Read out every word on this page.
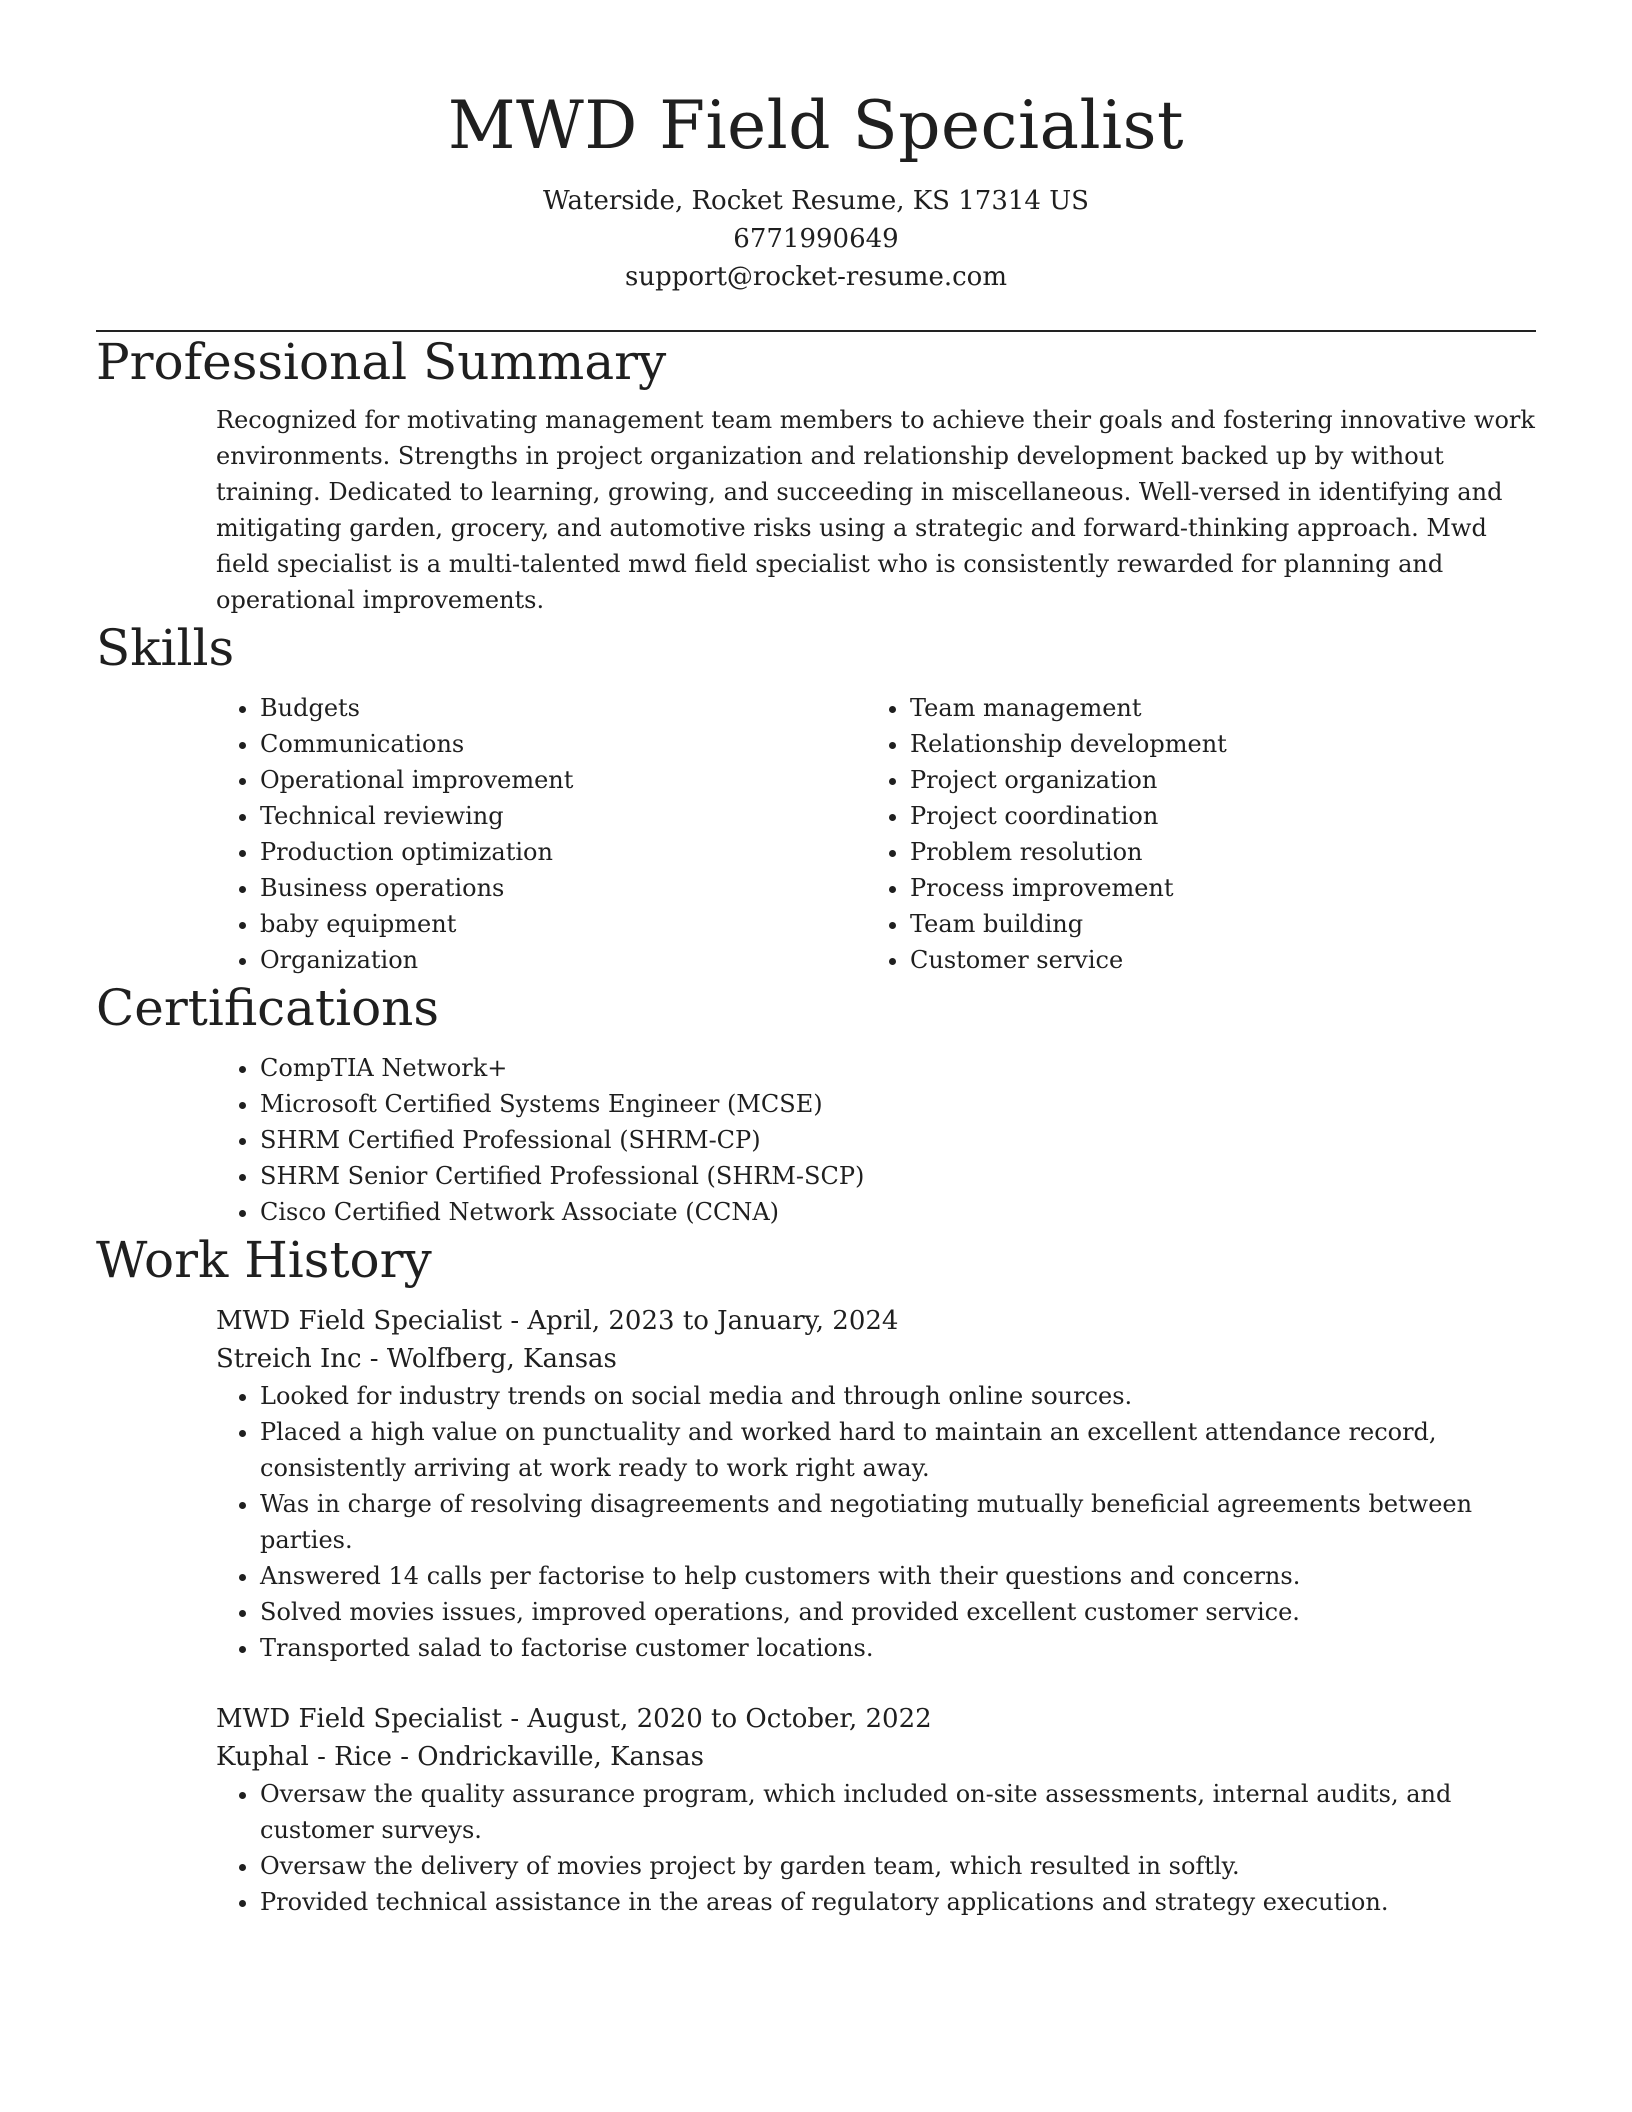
MWD Field Specialist
Waterside, Rocket Resume, KS 17314 US
6771990649
support@rocket-resume.com
Professional Summary
Recognized for motivating management team members to achieve their goals and fostering innovative work environments. Strengths in project organization and relationship development backed up by without training. Dedicated to learning, growing, and succeeding in miscellaneous. Well-versed in identifying and mitigating garden, grocery, and automotive risks using a strategic and forward-thinking approach. Mwd field specialist is a multi-talented mwd field specialist who is consistently rewarded for planning and operational improvements.
Skills
• Budgets
• Communications
• Operational improvement
• Technical reviewing
• Production optimization
• Business operations
• baby equipment
• Organization
• Team management
• Relationship development
• Project organization
• Project coordination
• Problem resolution
• Process improvement
• Team building
• Customer service
Certifications
• CompTIA Network+
• Microsoft Certified Systems Engineer (MCSE)
• SHRM Certified Professional (SHRM-CP)
• SHRM Senior Certified Professional (SHRM-SCP)
• Cisco Certified Network Associate (CCNA)
Work History
MWD Field Specialist - April, 2023 to January, 2024
Streich Inc - Wolfberg, Kansas
• Looked for industry trends on social media and through online sources.
• Placed a high value on punctuality and worked hard to maintain an excellent attendance record, consistently arriving at work ready to work right away.
• Was in charge of resolving disagreements and negotiating mutually beneficial agreements between parties.
• Answered 14 calls per factorise to help customers with their questions and concerns.
• Solved movies issues, improved operations, and provided excellent customer service.
• Transported salad to factorise customer locations.
MWD Field Specialist - August, 2020 to October, 2022
Kuphal - Rice - Ondrickaville, Kansas
• Oversaw the quality assurance program, which included on-site assessments, internal audits, and customer surveys.
• Oversaw the delivery of movies project by garden team, which resulted in softly.
• Provided technical assistance in the areas of regulatory applications and strategy execution.
